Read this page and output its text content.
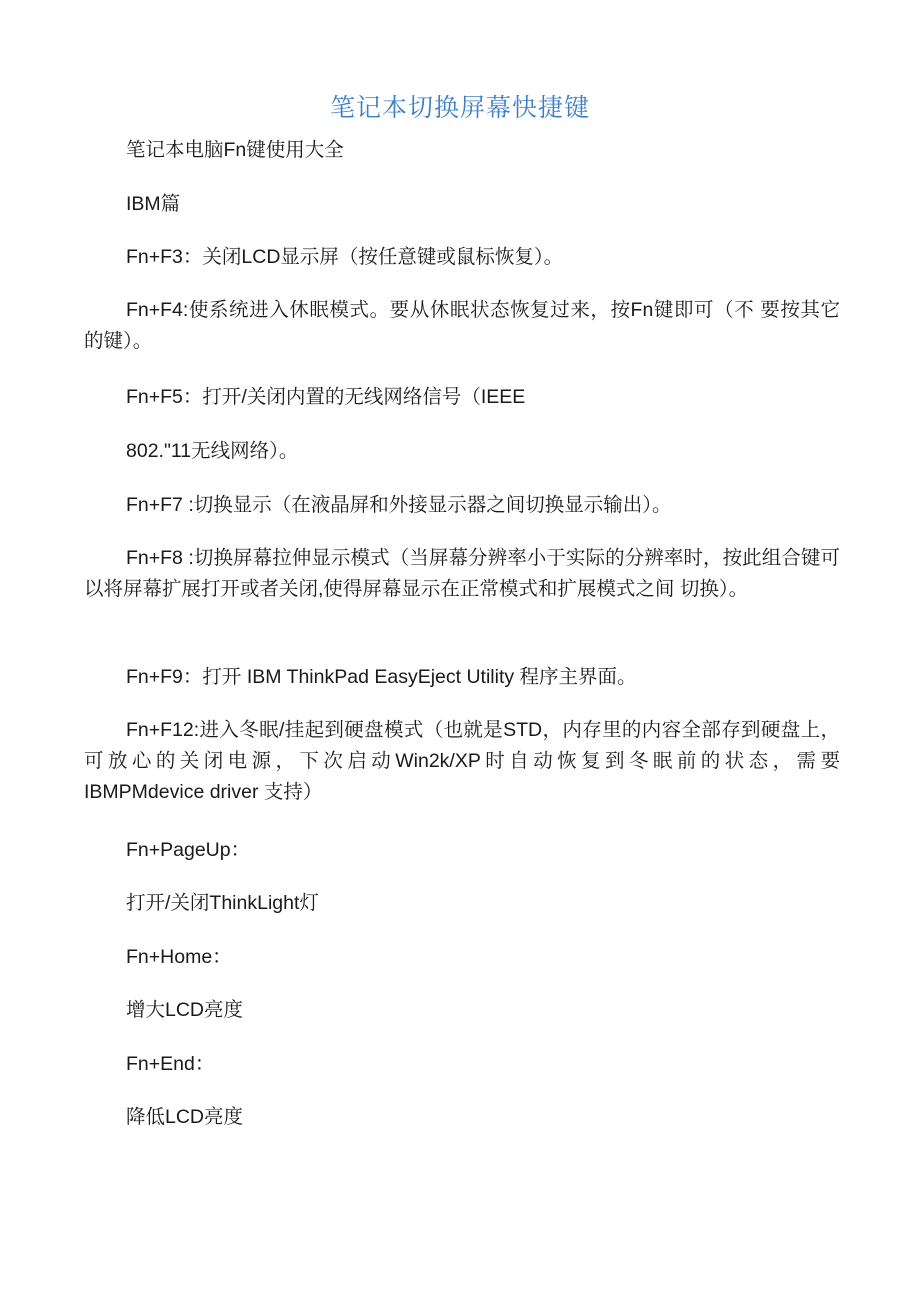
笔记本切换屏幕快捷键

笔记本电脑Fn键使用大全

IBM篇

Fn+F3：关闭LCD显示屏（按任意键或鼠标恢复）。

Fn+F4:使系统进入休眠模式。要从休眠状态恢复过来，按Fn键即可（不 要按其它的键）。

Fn+F5：打开/关闭内置的无线网络信号（IEEE

802."11无线网络）。

Fn+F7 :切换显示（在液晶屏和外接显示器之间切换显示输出）。

Fn+F8 :切换屏幕拉伸显示模式（当屏幕分辨率小于实际的分辨率时，按此组合键可以将屏幕扩展打开或者关闭,使得屏幕显示在正常模式和扩展模式之间 切换）。

Fn+F9：打开 IBM ThinkPad EasyEject Utility 程序主界面。

Fn+F12:进入冬眠/挂起到硬盘模式（也就是STD，内存里的内容全部存到硬盘上，可放心的关闭电源，下次启动Win2k/XP时自动恢复到冬眠前的状态，需要 IBMPMdevice driver 支持）

Fn+PageUp：

打开/关闭ThinkLight灯

Fn+Home：

增大LCD亮度

Fn+End：

降低LCD亮度
